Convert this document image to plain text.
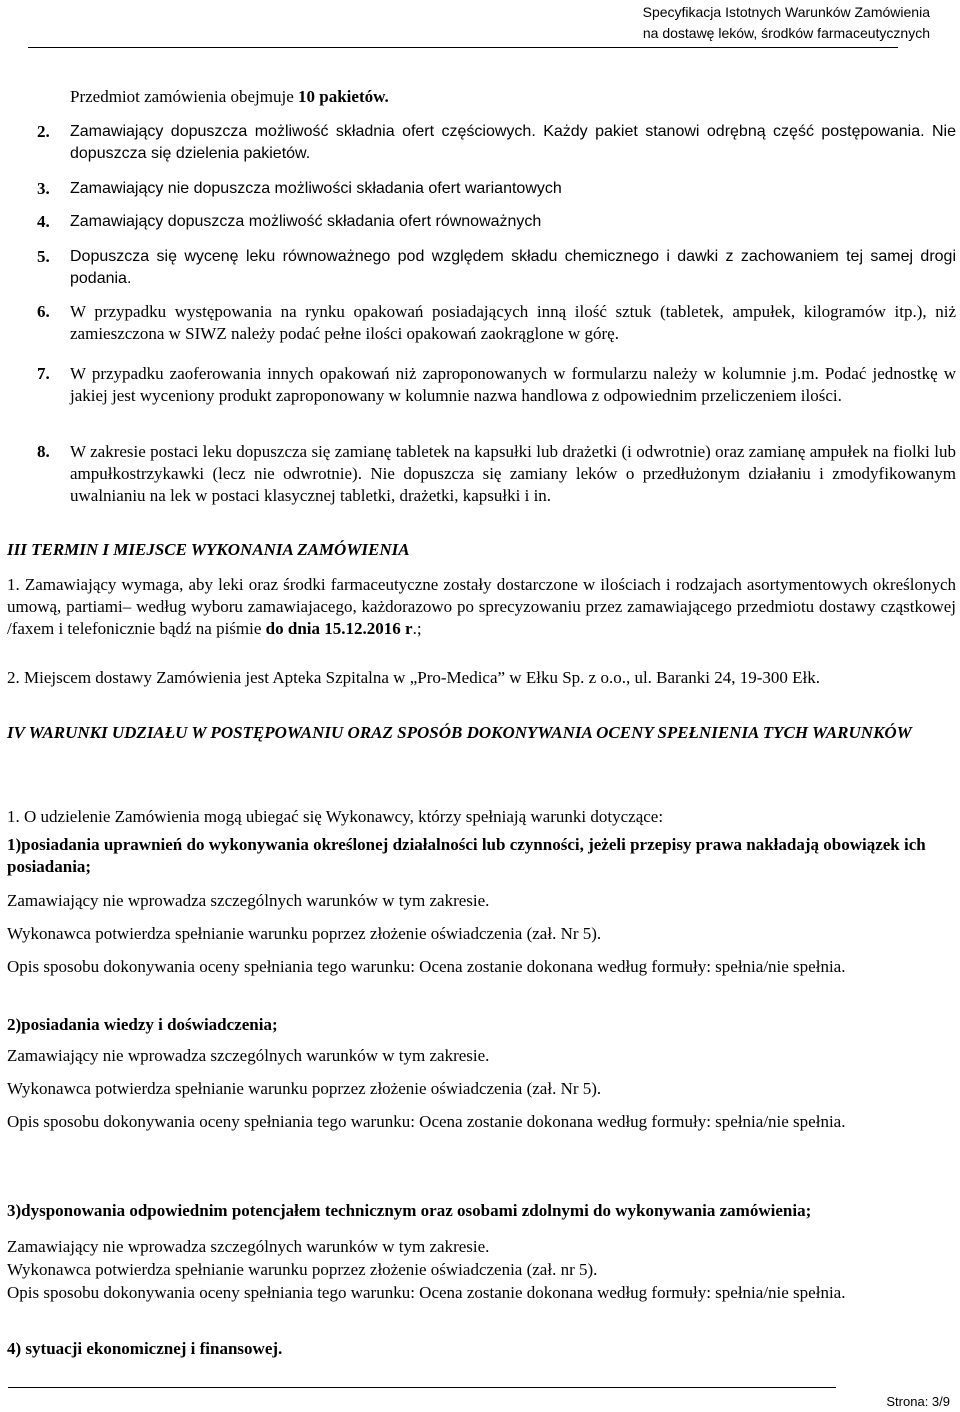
Specyfikacja Istotnych Warunków Zamówienia
na dostawę leków, środków farmaceutycznych

Przedmiot zamówienia obejmuje 10 pakietów.

2. Zamawiający dopuszcza możliwość składnia ofert częściowych. Każdy pakiet stanowi odrębną część postępowania. Nie dopuszcza się dzielenia pakietów.

3. Zamawiający nie dopuszcza możliwości składania ofert wariantowych

4. Zamawiający dopuszcza możliwość składania ofert równoważnych

5. Dopuszcza się wycenę leku równoważnego pod względem składu chemicznego i dawki z zachowaniem tej samej drogi podania.

6. W przypadku występowania na rynku opakowań posiadających inną ilość sztuk (tabletek, ampułek, kilogramów itp.), niż zamieszczona w SIWZ należy podać pełne ilości opakowań zaokrąglone w górę.

7. W przypadku zaoferowania innych opakowań niż zaproponowanych w formularzu należy w kolumnie j.m. Podać jednostkę w jakiej jest wyceniony produkt zaproponowany w kolumnie nazwa handlowa z odpowiednim przeliczeniem ilości.

8. W zakresie postaci leku dopuszcza się zamianę tabletek na kapsułki lub drażetki (i odwrotnie) oraz zamianę ampułek na fiolki lub ampułkostrzykawki (lecz nie odwrotnie). Nie dopuszcza się zamiany leków o przedłużonym działaniu i zmodyfikowanym uwalnianiu na lek w postaci klasycznej tabletki, drażetki, kapsułki i in.

III TERMIN I MIEJSCE WYKONANIA ZAMÓWIENIA

1. Zamawiający wymaga, aby leki oraz środki farmaceutyczne zostały dostarczone w ilościach i rodzajach asortymentowych określonych umową, partiami– według wyboru zamawiajacego, każdorazowo po sprecyzowaniu przez zamawiającego przedmiotu dostawy cząstkowej /faxem i telefonicznie bądź na piśmie do dnia 15.12.2016 r.;

2. Miejscem dostawy Zamówienia jest Apteka Szpitalna w „Pro-Medica” w Ełku Sp. z o.o., ul. Baranki 24, 19-300 Ełk.

IV WARUNKI UDZIAŁU W POSTĘPOWANIU ORAZ SPOSÓB DOKONYWANIA OCENY SPEŁNIENIA TYCH WARUNKÓW

1. O udzielenie Zamówienia mogą ubiegać się Wykonawcy, którzy spełniają warunki dotyczące:

1)posiadania uprawnień do wykonywania określonej działalności lub czynności, jeżeli przepisy prawa nakładają obowiązek ich posiadania;

Zamawiający nie wprowadza szczególnych warunków w tym zakresie.

Wykonawca potwierdza spełnianie warunku poprzez złożenie oświadczenia (zał. Nr 5).

Opis sposobu dokonywania oceny spełniania tego warunku: Ocena zostanie dokonana według formuły: spełnia/nie spełnia.

2)posiadania wiedzy i doświadczenia;

Zamawiający nie wprowadza szczególnych warunków w tym zakresie.

Wykonawca potwierdza spełnianie warunku poprzez złożenie oświadczenia (zał. Nr 5).

Opis sposobu dokonywania oceny spełniania tego warunku: Ocena zostanie dokonana według formuły: spełnia/nie spełnia.

3)dysponowania odpowiednim potencjałem technicznym oraz osobami zdolnymi do wykonywania zamówienia;

Zamawiający nie wprowadza szczególnych warunków w tym zakresie.

Wykonawca potwierdza spełnianie warunku poprzez złożenie oświadczenia (zał. nr 5).

Opis sposobu dokonywania oceny spełniania tego warunku: Ocena zostanie dokonana według formuły: spełnia/nie spełnia.

4) sytuacji ekonomicznej i finansowej.

Strona: 3/9
